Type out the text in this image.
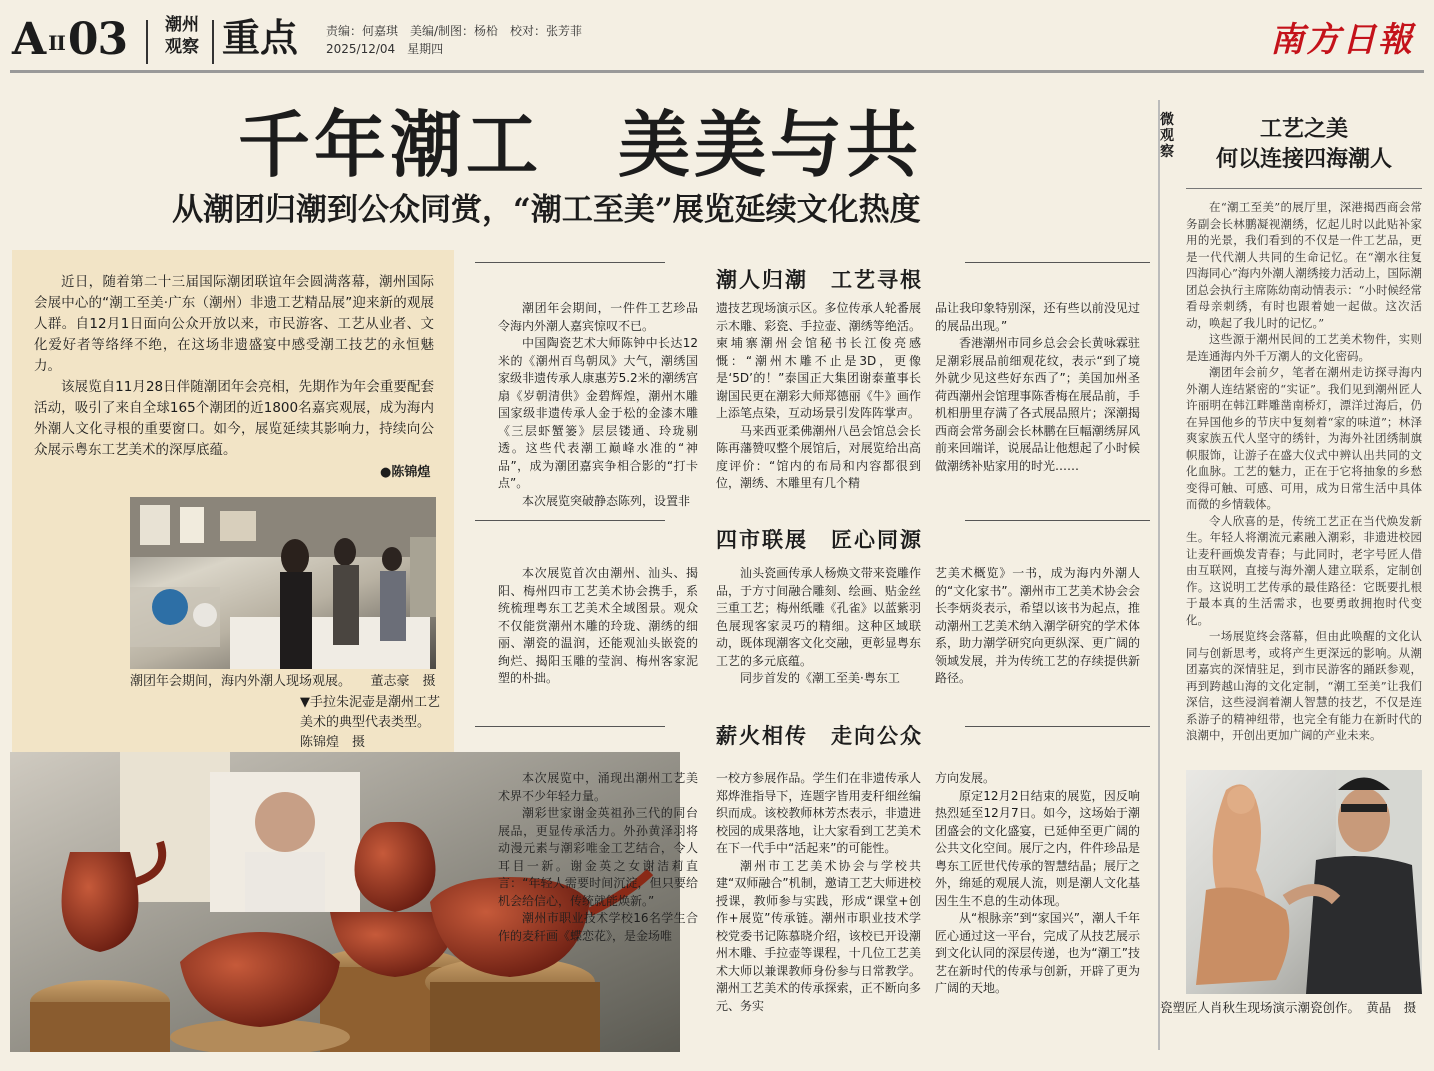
AII03	潮州
观察 重点 责编：何嘉琪　美编/制图：杨柗　校对：张芳菲
2025/12/04　星期四	南方日報
千年潮工　美美与共
从潮团归潮到公众同赏，“潮工至美”展览延续文化热度

近日，随着第二十三届国际潮团联谊年会圆满落幕，潮州国际会展中心的“潮工至美·广东（潮州）非遗工艺精品展”迎来新的观展人群。自12月1日面向公众开放以来，市民游客、工艺从业者、文化爱好者等络绎不绝，在这场非遗盛宴中感受潮工技艺的永恒魅力。

该展览自11月28日伴随潮团年会亮相，先期作为年会重要配套活动，吸引了来自全球165个潮团的近1800名嘉宾观展，成为海内外潮人文化寻根的重要窗口。如今，展览延续其影响力，持续向公众展示粤东工艺美术的深厚底蕴。

●陈锦煌
潮团年会期间，海内外潮人现场观展。　　董志豪　摄
▼手拉朱泥壶是潮州工艺美术的典型代表类型。　　陈锦煌　摄
潮人归潮　工艺寻根

潮团年会期间，一件件工艺珍品令海内外潮人嘉宾惊叹不已。

中国陶瓷艺术大师陈钟中长达12米的《潮州百鸟朝凤》大气，潮绣国家级非遗传承人康惠芳5.2米的潮绣宫扇《岁朝清供》金碧辉煌，潮州木雕国家级非遗传承人金于松的金漆木雕《三层虾蟹篓》层层镂通、玲珑剔透。这些代表潮工巅峰水准的“神品”，成为潮团嘉宾争相合影的“打卡点”。

本次展览突破静态陈列，设置非

遗技艺现场演示区。多位传承人轮番展示木雕、彩瓷、手拉壶、潮绣等绝活。柬埔寨潮州会馆秘书长江俊亮感慨：“潮州木雕不止是3D，更像是‘5D’的！”泰国正大集团谢泰董事长谢国民更在潮彩大师郑德丽《牛》画作上添笔点染，互动场景引发阵阵掌声。

马来西亚柔佛潮州八邑会馆总会长陈再藩赞叹整个展馆后，对展览给出高度评价：“馆内的布局和内容都很到位，潮绣、木雕里有几个精

品让我印象特别深，还有些以前没见过的展品出现。”

香港潮州市同乡总会会长黄咏霖驻足潮彩展品前细观花纹，表示“到了境外就少见这些好东西了”；美国加州圣荷西潮州会馆理事陈香梅在展品前，手机相册里存满了各式展品照片；深潮揭西商会常务副会长林鹏在巨幅潮绣屏风前来回端详，说展品让他想起了小时候做潮绣补贴家用的时光……

四市联展　匠心同源

本次展览首次由潮州、汕头、揭阳、梅州四市工艺美术协会携手，系统梳理粤东工艺美术全域图景。观众不仅能赏潮州木雕的玲珑、潮绣的细丽、潮瓷的温润，还能观汕头嵌瓷的绚烂、揭阳玉雕的莹润、梅州客家泥塑的朴拙。

汕头瓷画传承人杨焕文带来瓷雕作品，于方寸间融合雕刻、绘画、贴金丝三重工艺；梅州纸雕《孔雀》以蓝紫羽色展现客家灵巧的精细。这种区域联动，既体现潮客文化交融，更彰显粤东工艺的多元底蕴。

同步首发的《潮工至美·粤东工

艺美术概览》一书，成为海内外潮人的“文化家书”。潮州市工艺美术协会会长李炳炎表示，希望以该书为起点，推动潮州工艺美术纳入潮学研究的学术体系，助力潮学研究向更纵深、更广阔的领域发展，并为传统工艺的存续提供新路径。

薪火相传　走向公众

本次展览中，涌现出潮州工艺美术界不少年轻力量。

潮彩世家谢金英祖孙三代的同台展品，更显传承活力。外孙黄泽羽将动漫元素与潮彩唯金工艺结合，令人耳目一新。谢金英之女谢洁莉直言：“年轻人需要时间沉淀，但只要给机会给信心，传统就能焕新。”

潮州市职业技术学校16名学生合作的麦秆画《蝶恋花》，是金场唯

一校方参展作品。学生们在非遗传承人郑烨淮指导下，连题字皆用麦秆细丝编织而成。该校教师林芳杰表示，非遗进校园的成果落地，让大家看到工艺美术在下一代手中“活起来”的可能性。

潮州市工艺美术协会与学校共建“双师融合”机制，邀请工艺大师进校授课，教师参与实践，形成“课堂+创作+展览”传承链。潮州市职业技术学校党委书记陈慕晓介绍，该校已开设潮州木雕、手拉壶等课程，十几位工艺美术大师以兼课教师身份参与日常教学。潮州工艺美术的传承探索，正不断向多元、务实

方向发展。

原定12月2日结束的展览，因反响热烈延至12月7日。如今，这场始于潮团盛会的文化盛宴，已延伸至更广阔的公共文化空间。展厅之内，件件珍品是粤东工匠世代传承的智慧结晶；展厅之外，绵延的观展人流，则是潮人文化基因生生不息的生动体现。

从“根脉亲”到“家国兴”，潮人千年匠心通过这一平台，完成了从技艺展示到文化认同的深层传递，也为“潮工”技艺在新时代的传承与创新，开辟了更为广阔的天地。

微观察
工艺之美
何以连接四海潮人

在“潮工至美”的展厅里，深港揭西商会常务副会长林鹏凝视潮绣，忆起儿时以此贴补家用的光景，我们看到的不仅是一件工艺品，更是一代代潮人共同的生命记忆。在“潮水往复　四海同心”海内外潮人潮绣接力活动上，国际潮团总会执行主席陈幼南动情表示：“小时候经常看母亲刺绣，有时也跟着她一起做。这次活动，唤起了我儿时的记忆。”

这些源于潮州民间的工艺美术物件，实则是连通海内外千万潮人的文化密码。

潮团年会前夕，笔者在潮州走访探寻海内外潮人连结紧密的“实证”。我们见到潮州匠人许丽明在韩江畔雕凿南桥灯，漂洋过海后，仍在异国他乡的节庆中复刻着“家的味道”；林泽爽家族五代人坚守的绣针，为海外社团绣制旗帜服饰，让游子在盛大仪式中辨认出共同的文化血脉。工艺的魅力，正在于它将抽象的乡愁变得可触、可感、可用，成为日常生活中具体而微的乡情载体。

令人欣喜的是，传统工艺正在当代焕发新生。年轻人将潮流元素融入潮彩，非遗进校园让麦秆画焕发青春；与此同时，老字号匠人借由互联网，直接与海外潮人建立联系，定制创作。这说明工艺传承的最佳路径：它既要扎根于最本真的生活需求，也要勇敢拥抱时代变化。

一场展览终会落幕，但由此唤醒的文化认同与创新思考，或将产生更深远的影响。从潮团嘉宾的深情驻足，到市民游客的踊跃参观，再到跨越山海的文化定制，“潮工至美”让我们深信，这些浸润着潮人智慧的技艺，不仅是连系游子的精神纽带，也完全有能力在新时代的浪潮中，开创出更加广阔的产业未来。

瓷塑匠人肖秋生现场演示潮瓷创作。　黄晶　摄
